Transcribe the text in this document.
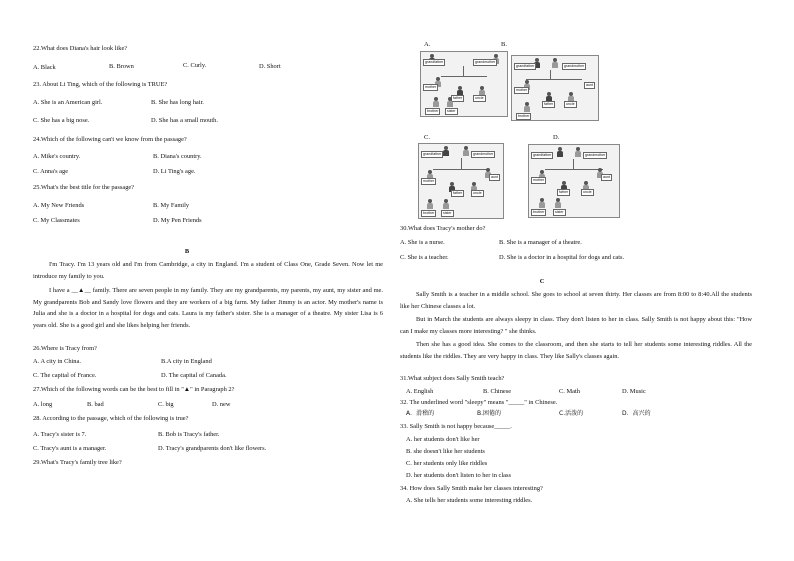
22.What does Diana's hair look like?
A. Black	B. Brown	C. Curly.	D. Short
23. About Li Ting, which of the following is TRUE?
A. She is an American girl.	B. She has long hair.
C. She has a big nose.	D. She has a small mouth.
24.Which of the following can't we know from the passage?
A. Mike's country.	B. Diana's country.
C. Anna's age	D. Li Ting's age.
25.What's the best title for the passage?
A. My New Friends	B. My Family
C. My Classmates	D. My Pen Friends
B
I'm Tracy. I'm 13 years old and I'm from Cambridge, a city in England. I'm a student of Class One, Grade Seven. Now let me introduce my family to you.
I have a __▲__ family. There are seven people in my family. They are my grandparents, my parents, my aunt, my sister and me. My grandparents Bob and Sandy love flowers and they are workers of a big farm. My father Jimmy is an actor. My mother's name is Julia and she is a doctor in a hospital for dogs and cats. Laura is my father's sister. She is a manager of a theatre. My sister Lisa is 6 years old. She is a good girl and she likes helping her friends.
26.Where is Tracy from?
A. A city in China.	B.A city in England
C. The capital of France.	D. The capital of Canada.
27.Which of the following words can be the best to fill in "▲" in Paragraph 2?
A. long	B. bad	C. big	D. new
28. According to the passage, which of the following is true?
A. Tracy's sister is 7.	B. Bob is Tracy's father.
C. Tracy's aunt is a manager.	D. Tracy's grandparents don't like flowers.
29.What's Tracy's family tree like?
A.
grandfather	grandmother
mother
father	uncle
brother	sister
B.
grandfather	grandmother
mother
aunt
father	uncle
brother
C.
grandfather	grandmother
mother
aunt
father	uncle
brother	sister
D.
grandfather	grandmother
mother
aunt
father	uncle
brother	sister
30.What does Tracy's mother do?
A. She is a nurse.	B. She is a manager of a theatre.
C. She is a teacher.	D. She is a doctor in a hospital for dogs and cats.
C
Sally Smith is a teacher in a middle school. She goes to school at seven thirty. Her classes are from 8:00 to 8:40.All the students like her Chinese classes a lot.
But in March the students are always sleepy in class. They don't listen to her in class. Sally Smith is not happy about this: "How can I make my classes more interesting? " she thinks.
Then she has a good idea. She comes to the classroom, and then she starts to tell her students some interesting riddles. All the students like the riddles. They are very happy in class. They like Sally's classes again.
31.What subject does Sally Smith teach?
A. English	B. Chinese	C. Math	D. Music
32. The underlined word "sleepy" means "_____" in Chinese.
A．滑稽的	B.困倦的	C.活泼的	D．高兴的
33. Sally Smith is not happy because_____.
A. her students don't like her
B. she doesn't like her students
C. her students only like riddles
D. her students don't listen to her in class
34. How does Sally Smith make her classes interesting?
A. She tells her students some interesting riddles.
